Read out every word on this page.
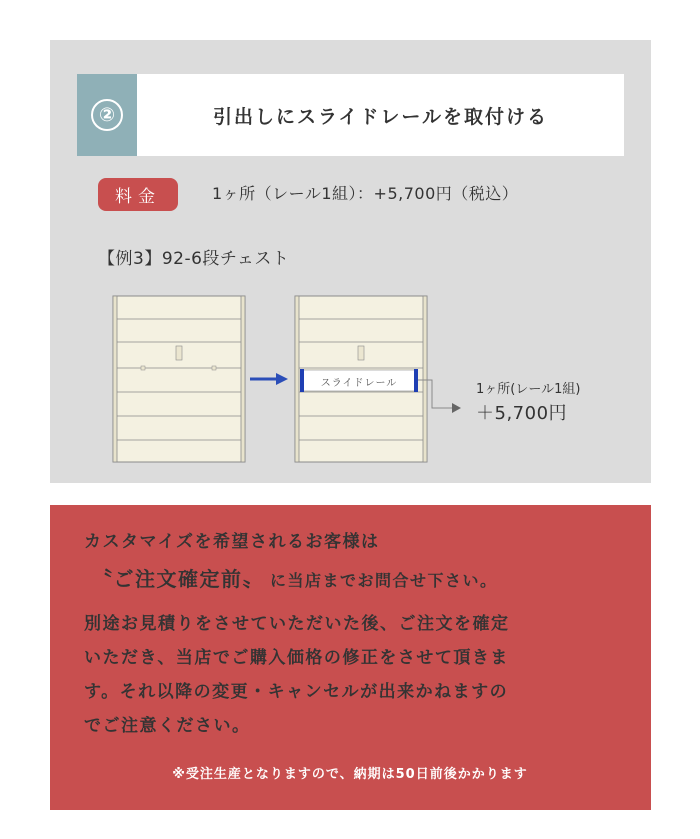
②	引出しにスライドレールを取付ける
料金	1ヶ所（レール1組）：+5,700円（税込）
【例3】92-6段チェスト
スライドレール	1ヶ所(レール1組)
＋5,700円
カスタマイズを希望されるお客様は
〝ご注文確定前〟 に当店までお問合せ下さい。
別途お見積りをさせていただいた後、ご注文を確定
いただき、当店でご購入価格の修正をさせて頂きま
す。それ以降の変更・キャンセルが出来かねますの
でご注意ください。
※受注生産となりますので、納期は50日前後かかります
